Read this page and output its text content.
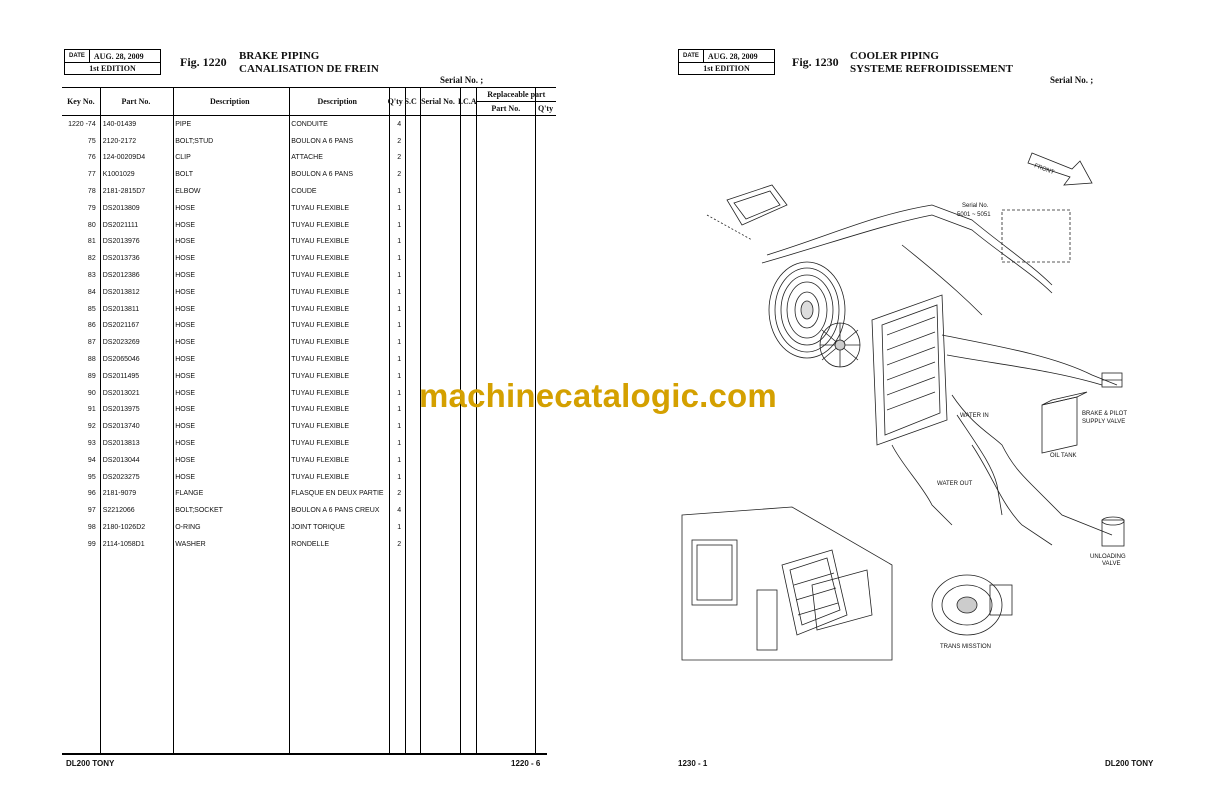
DATE	AUG. 28, 2009
1st EDITION	Fig. 1220 BRAKE PIPING
CANALISATION DE FREIN
Serial No. ;
Key No.	Part No.	Description	Description	Q'ty	S.C	Serial No.	I.C.A	Replaceable part	
								Part No.	Q'ty
1220 -74	140-01439	PIPE	CONDUITE	4					
75	2120-2172	BOLT;STUD	BOULON A 6 PANS	2					
76	124-00209D4	CLIP	ATTACHE	2					
77	K1001029	BOLT	BOULON A 6 PANS	2					
78	2181-2815D7	ELBOW	COUDE	1					
79	DS2013809	HOSE	TUYAU FLEXIBLE	1					
80	DS2021111	HOSE	TUYAU FLEXIBLE	1					
81	DS2013976	HOSE	TUYAU FLEXIBLE	1					
82	DS2013736	HOSE	TUYAU FLEXIBLE	1					
83	DS2012386	HOSE	TUYAU FLEXIBLE	1					
84	DS2013812	HOSE	TUYAU FLEXIBLE	1					
85	DS2013811	HOSE	TUYAU FLEXIBLE	1					
86	DS2021167	HOSE	TUYAU FLEXIBLE	1					
87	DS2023269	HOSE	TUYAU FLEXIBLE	1					
88	DS2065046	HOSE	TUYAU FLEXIBLE	1					
89	DS2011495	HOSE	TUYAU FLEXIBLE	1					
90	DS2013021	HOSE	TUYAU FLEXIBLE	1					
91	DS2013975	HOSE	TUYAU FLEXIBLE	1					
92	DS2013740	HOSE	TUYAU FLEXIBLE	1					
93	DS2013813	HOSE	TUYAU FLEXIBLE	1					
94	DS2013044	HOSE	TUYAU FLEXIBLE	1					
95	DS2023275	HOSE	TUYAU FLEXIBLE	1					
96	2181-9079	FLANGE	FLASQUE EN DEUX PARTIE	2					
97	S2212066	BOLT;SOCKET	BOULON A 6 PANS CREUX	4					
98	2180-1026D2	O-RING	JOINT TORIQUE	1					
99	2114-1058D1	WASHER	RONDELLE	2					
DL200 TONY	1220 - 6
DATE	AUG. 28, 2009
1st EDITION	Fig. 1230 COOLER PIPING
SYSTEME REFROIDISSEMENT
Serial No. ;
1230 - 1	DL200 TONY
FRONT
Serial No.
5001 ~ 5051
BRAKE & PILOT
SUPPLY VALVE
OIL TANK
WATER IN
WATER OUT
UNLOADING
VALVE
TRANS MISSTION
machinecatalogic.com
